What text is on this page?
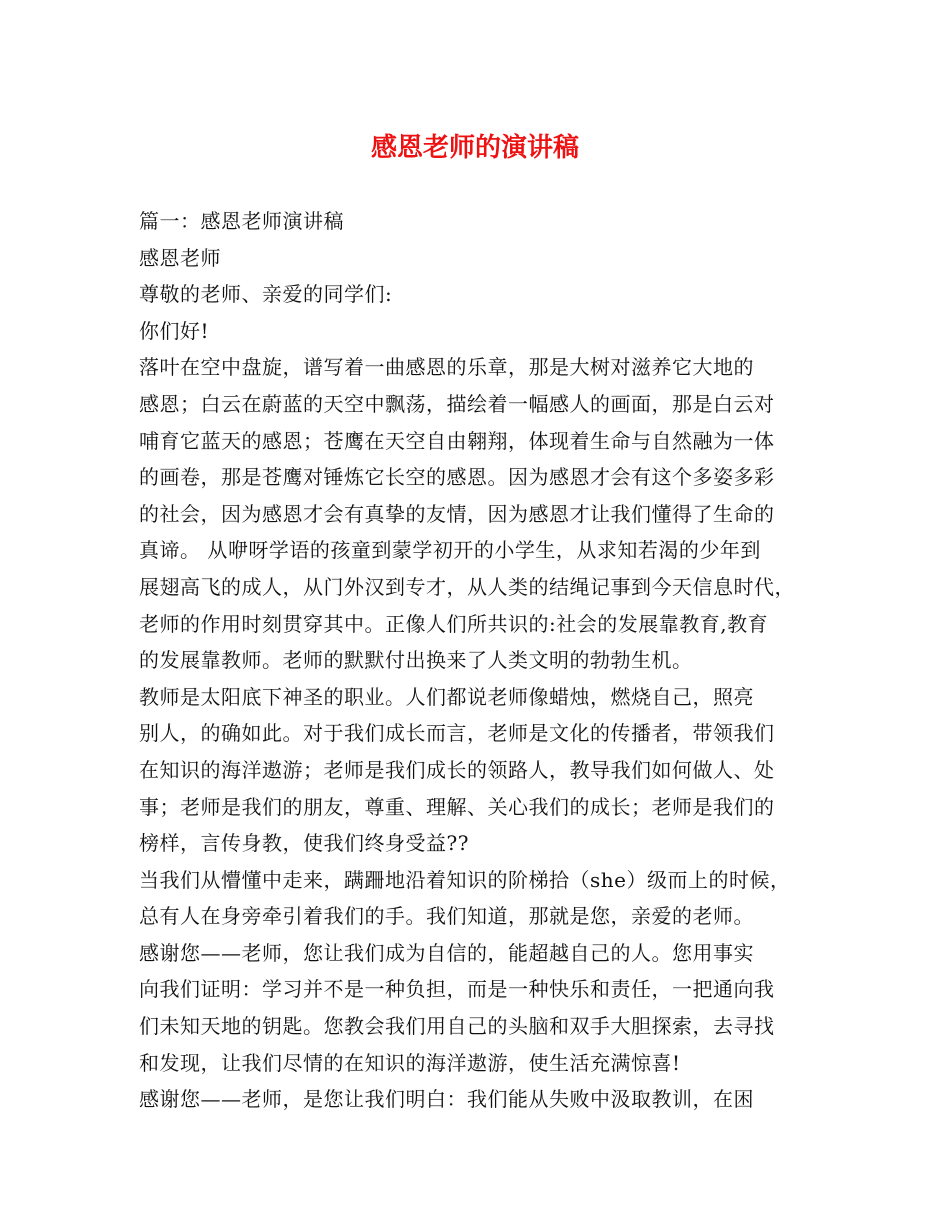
感恩老师的演讲稿
篇一：感恩老师演讲稿
感恩老师
尊敬的老师、亲爱的同学们:
你们好!
落叶在空中盘旋，谱写着一曲感恩的乐章，那是大树对滋养它大地的
感恩；白云在蔚蓝的天空中飘荡，描绘着一幅感人的画面，那是白云对
哺育它蓝天的感恩；苍鹰在天空自由翱翔，体现着生命与自然融为一体
的画卷，那是苍鹰对锤炼它长空的感恩。因为感恩才会有这个多姿多彩
的社会，因为感恩才会有真挚的友情，因为感恩才让我们懂得了生命的
真谛。 从咿呀学语的孩童到蒙学初开的小学生，从求知若渴的少年到
展翅高飞的成人，从门外汉到专才，从人类的结绳记事到今天信息时代，
老师的作用时刻贯穿其中。正像人们所共识的:社会的发展靠教育,教育
的发展靠教师。老师的默默付出换来了人类文明的勃勃生机。
教师是太阳底下神圣的职业。人们都说老师像蜡烛，燃烧自己，照亮
别人，的确如此。对于我们成长而言，老师是文化的传播者，带领我们
在知识的海洋遨游；老师是我们成长的领路人，教导我们如何做人、处
事；老师是我们的朋友，尊重、理解、关心我们的成长；老师是我们的
榜样，言传身教，使我们终身受益??
当我们从懵懂中走来，蹒跚地沿着知识的阶梯拾（she）级而上的时候，
总有人在身旁牵引着我们的手。我们知道，那就是您，亲爱的老师。
感谢您——老师，您让我们成为自信的，能超越自己的人。您用事实
向我们证明：学习并不是一种负担，而是一种快乐和责任，一把通向我
们未知天地的钥匙。您教会我们用自己的头脑和双手大胆探索，去寻找
和发现，让我们尽情的在知识的海洋遨游，使生活充满惊喜!
感谢您——老师，是您让我们明白：我们能从失败中汲取教训，在困
